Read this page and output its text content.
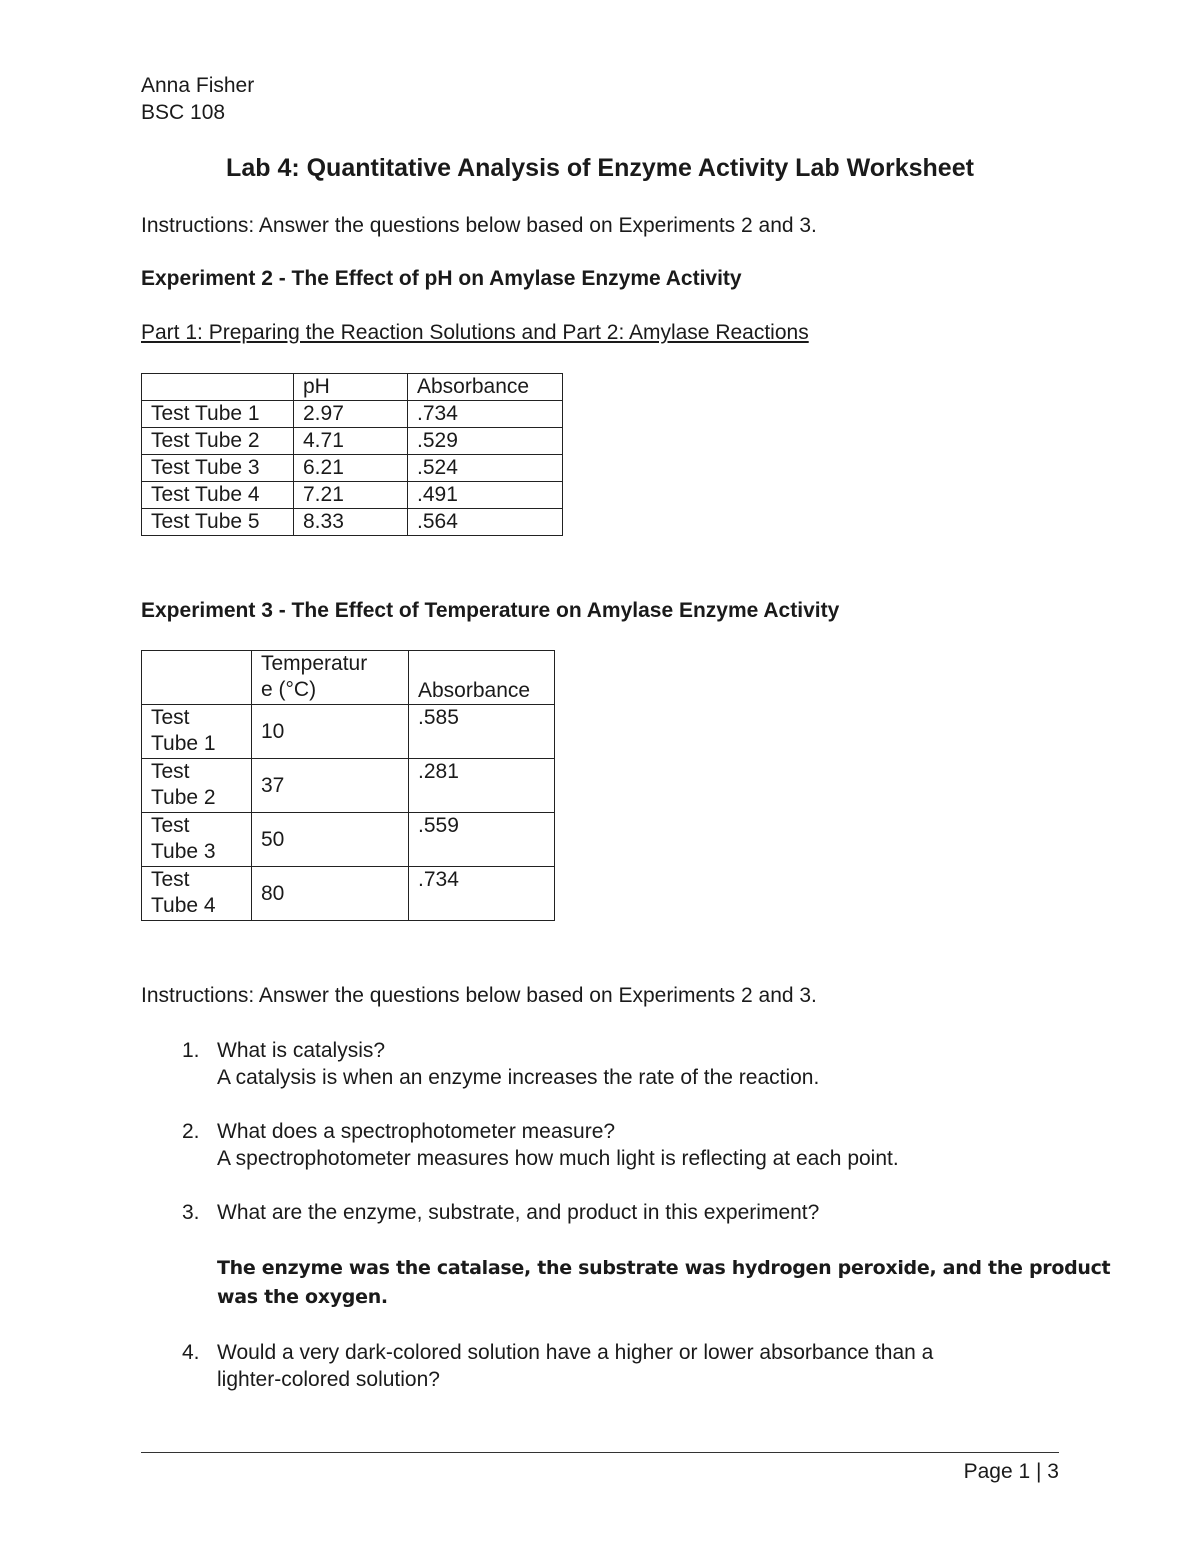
Anna Fisher
BSC 108
Lab 4: Quantitative Analysis of Enzyme Activity Lab Worksheet
Instructions: Answer the questions below based on Experiments 2 and 3.
Experiment 2 - The Effect of pH on Amylase Enzyme Activity
Part 1: Preparing the Reaction Solutions and Part 2: Amylase Reactions
	pH	Absorbance
Test Tube 1	2.97	.734
Test Tube 2	4.71	.529
Test Tube 3	6.21	.524
Test Tube 4	7.21	.491
Test Tube 5	8.33	.564
Experiment 3 - The Effect of Temperature on Amylase Enzyme Activity

	Temperatur
e (°C)	Absorbance

Test
Tube 1	10	.585

Test
Tube 2	37	.281

Test
Tube 3	50	.559

Test
Tube 4	80	.734
Instructions: Answer the questions below based on Experiments 2 and 3.
1. What is catalysis?
A catalysis is when an enzyme increases the rate of the reaction.
2. What does a spectrophotometer measure?
A spectrophotometer measures how much light is reflecting at each point.
3. What are the enzyme, substrate, and product in this experiment?
The enzyme was the catalase, the substrate was hydrogen peroxide, and the product
was the oxygen.
4. Would a very dark-colored solution have a higher or lower absorbance than a
lighter-colored solution?
Page 1 | 3
